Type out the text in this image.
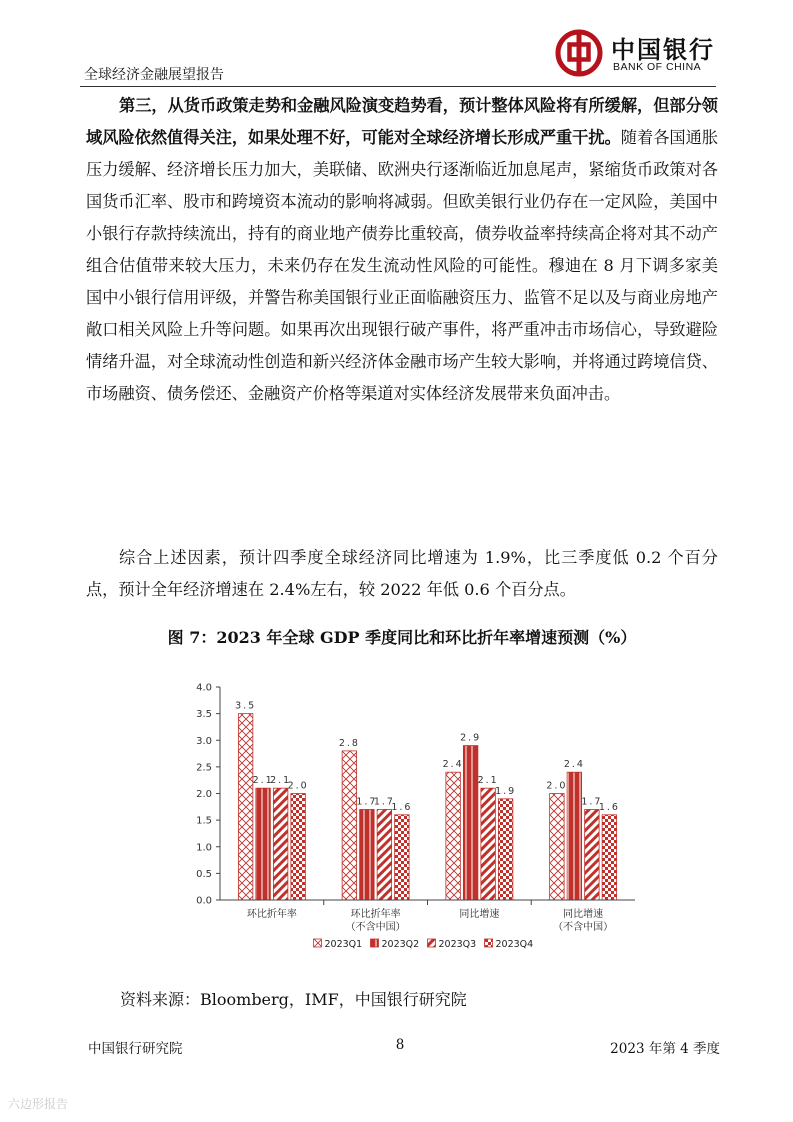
全球经济金融展望报告
中国银行
BANK OF CHINA
第三，从货币政策走势和金融风险演变趋势看，预计整体风险将有所缓解，但部分领域风险依然值得关注，如果处理不好，可能对全球经济增长形成严重干扰。随着各国通胀压力缓解、经济增长压力加大，美联储、欧洲央行逐渐临近加息尾声，紧缩货币政策对各国货币汇率、股市和跨境资本流动的影响将减弱。但欧美银行业仍存在一定风险，美国中小银行存款持续流出，持有的商业地产债券比重较高，债券收益率持续高企将对其不动产组合估值带来较大压力，未来仍存在发生流动性风险的可能性。穆迪在 8 月下调多家美国中小银行信用评级，并警告称美国银行业正面临融资压力、监管不足以及与商业房地产敞口相关风险上升等问题。如果再次出现银行破产事件，将严重冲击市场信心，导致避险情绪升温，对全球流动性创造和新兴经济体金融市场产生较大影响，并将通过跨境信贷、市场融资、债务偿还、金融资产价格等渠道对实体经济发展带来负面冲击。
综合上述因素，预计四季度全球经济同比增速为 1.9%，比三季度低 0.2 个百分点，预计全年经济增速在 2.4%左右，较 2022 年低 0.6 个百分点。
图 7：2023 年全球 GDP 季度同比和环比折年率增速预测（%）
0.0
0.5
1.0
1.5
2.0
2.5
3.0
3.5
4.0
3.5
2.1
2.1
2.0
2.8
1.7
1.7
1.6
2.4
2.9
2.1
1.9	2.0
2.4
1.7
1.6
环比折年率	环比折年率
（不含中国）
同比增速	同比增速
（不含中国）
2023Q1 2023Q2 2023Q3 2023Q4
资料来源：Bloomberg，IMF，中国银行研究院
中国银行研究院	8	2023 年第 4 季度
六边形报告
